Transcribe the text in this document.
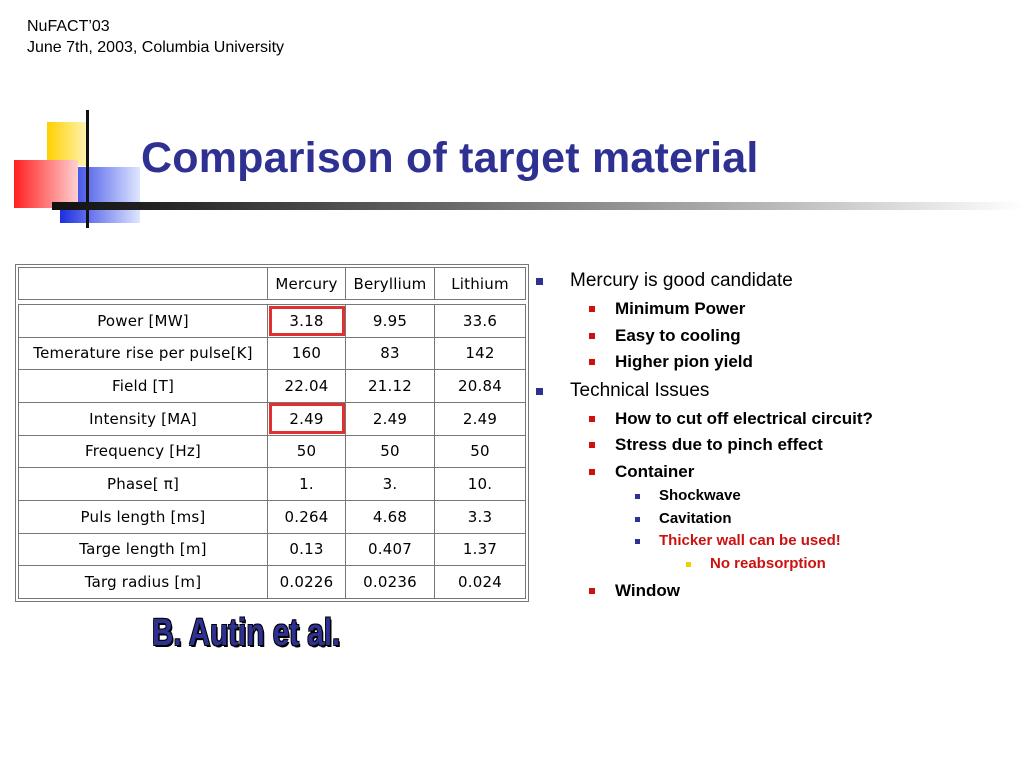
NuFACT’03
June 7th, 2003, Columbia University
Comparison of target material
	Mercury	Beryllium	Lithium

Power [MW]	3.18	9.95	33.6
Temerature rise per pulse[K]	160	83	142
Field [T]	22.04	21.12	20.84
Intensity [MA]	2.49	2.49	2.49
Frequency [Hz]	50	50	50
Phase[ π]	1.	3.	10.
Puls length [ms]	0.264	4.68	3.3
Targe length [m]	0.13	0.407	1.37
Targ radius [m]	0.0226	0.0236	0.024
Mercury is good candidate
Minimum Power
Easy to cooling
Higher pion yield
Technical Issues
How to cut off electrical circuit?
Stress due to pinch effect
Container
Shockwave
Cavitation
Thicker wall can be used!
No reabsorption
Window
B. Autin et al.
